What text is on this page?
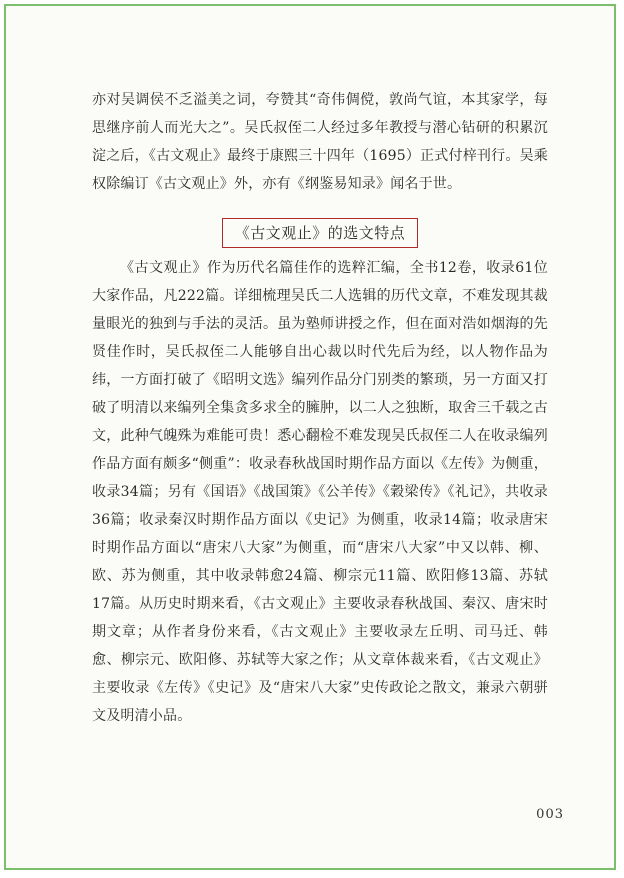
亦对吴调侯不乏溢美之词，夸赞其“奇伟倜傥，敦尚气谊，本其家学，每思继序前人而光大之”。吴氏叔侄二人经过多年教授与潜心钻研的积累沉淀之后，《古文观止》最终于康熙三十四年（1695）正式付梓刊行。吴乘权除编订《古文观止》外，亦有《纲鉴易知录》闻名于世。

《古文观止》的选文特点

《古文观止》作为历代名篇佳作的选粹汇编，全书12卷，收录61位大家作品，凡222篇。详细梳理吴氏二人选辑的历代文章，不难发现其裁量眼光的独到与手法的灵活。虽为塾师讲授之作，但在面对浩如烟海的先贤佳作时，吴氏叔侄二人能够自出心裁以时代先后为经，以人物作品为纬，一方面打破了《昭明文选》编列作品分门别类的繁琐，另一方面又打破了明清以来编列全集贪多求全的臃肿，以二人之独断，取舍三千载之古文，此种气魄殊为难能可贵！悉心翻检不难发现吴氏叔侄二人在收录编列作品方面有颇多“侧重”：收录春秋战国时期作品方面以《左传》为侧重，收录34篇；另有《国语》《战国策》《公羊传》《穀梁传》《礼记》，共收录36篇；收录秦汉时期作品方面以《史记》为侧重，收录14篇；收录唐宋时期作品方面以“唐宋八大家”为侧重，而“唐宋八大家”中又以韩、柳、欧、苏为侧重，其中收录韩愈24篇、柳宗元11篇、欧阳修13篇、苏轼17篇。从历史时期来看，《古文观止》主要收录春秋战国、秦汉、唐宋时期文章；从作者身份来看，《古文观止》主要收录左丘明、司马迁、韩愈、柳宗元、欧阳修、苏轼等大家之作；从文章体裁来看，《古文观止》主要收录《左传》《史记》及“唐宋八大家”史传政论之散文，兼录六朝骈文及明清小品。

003
